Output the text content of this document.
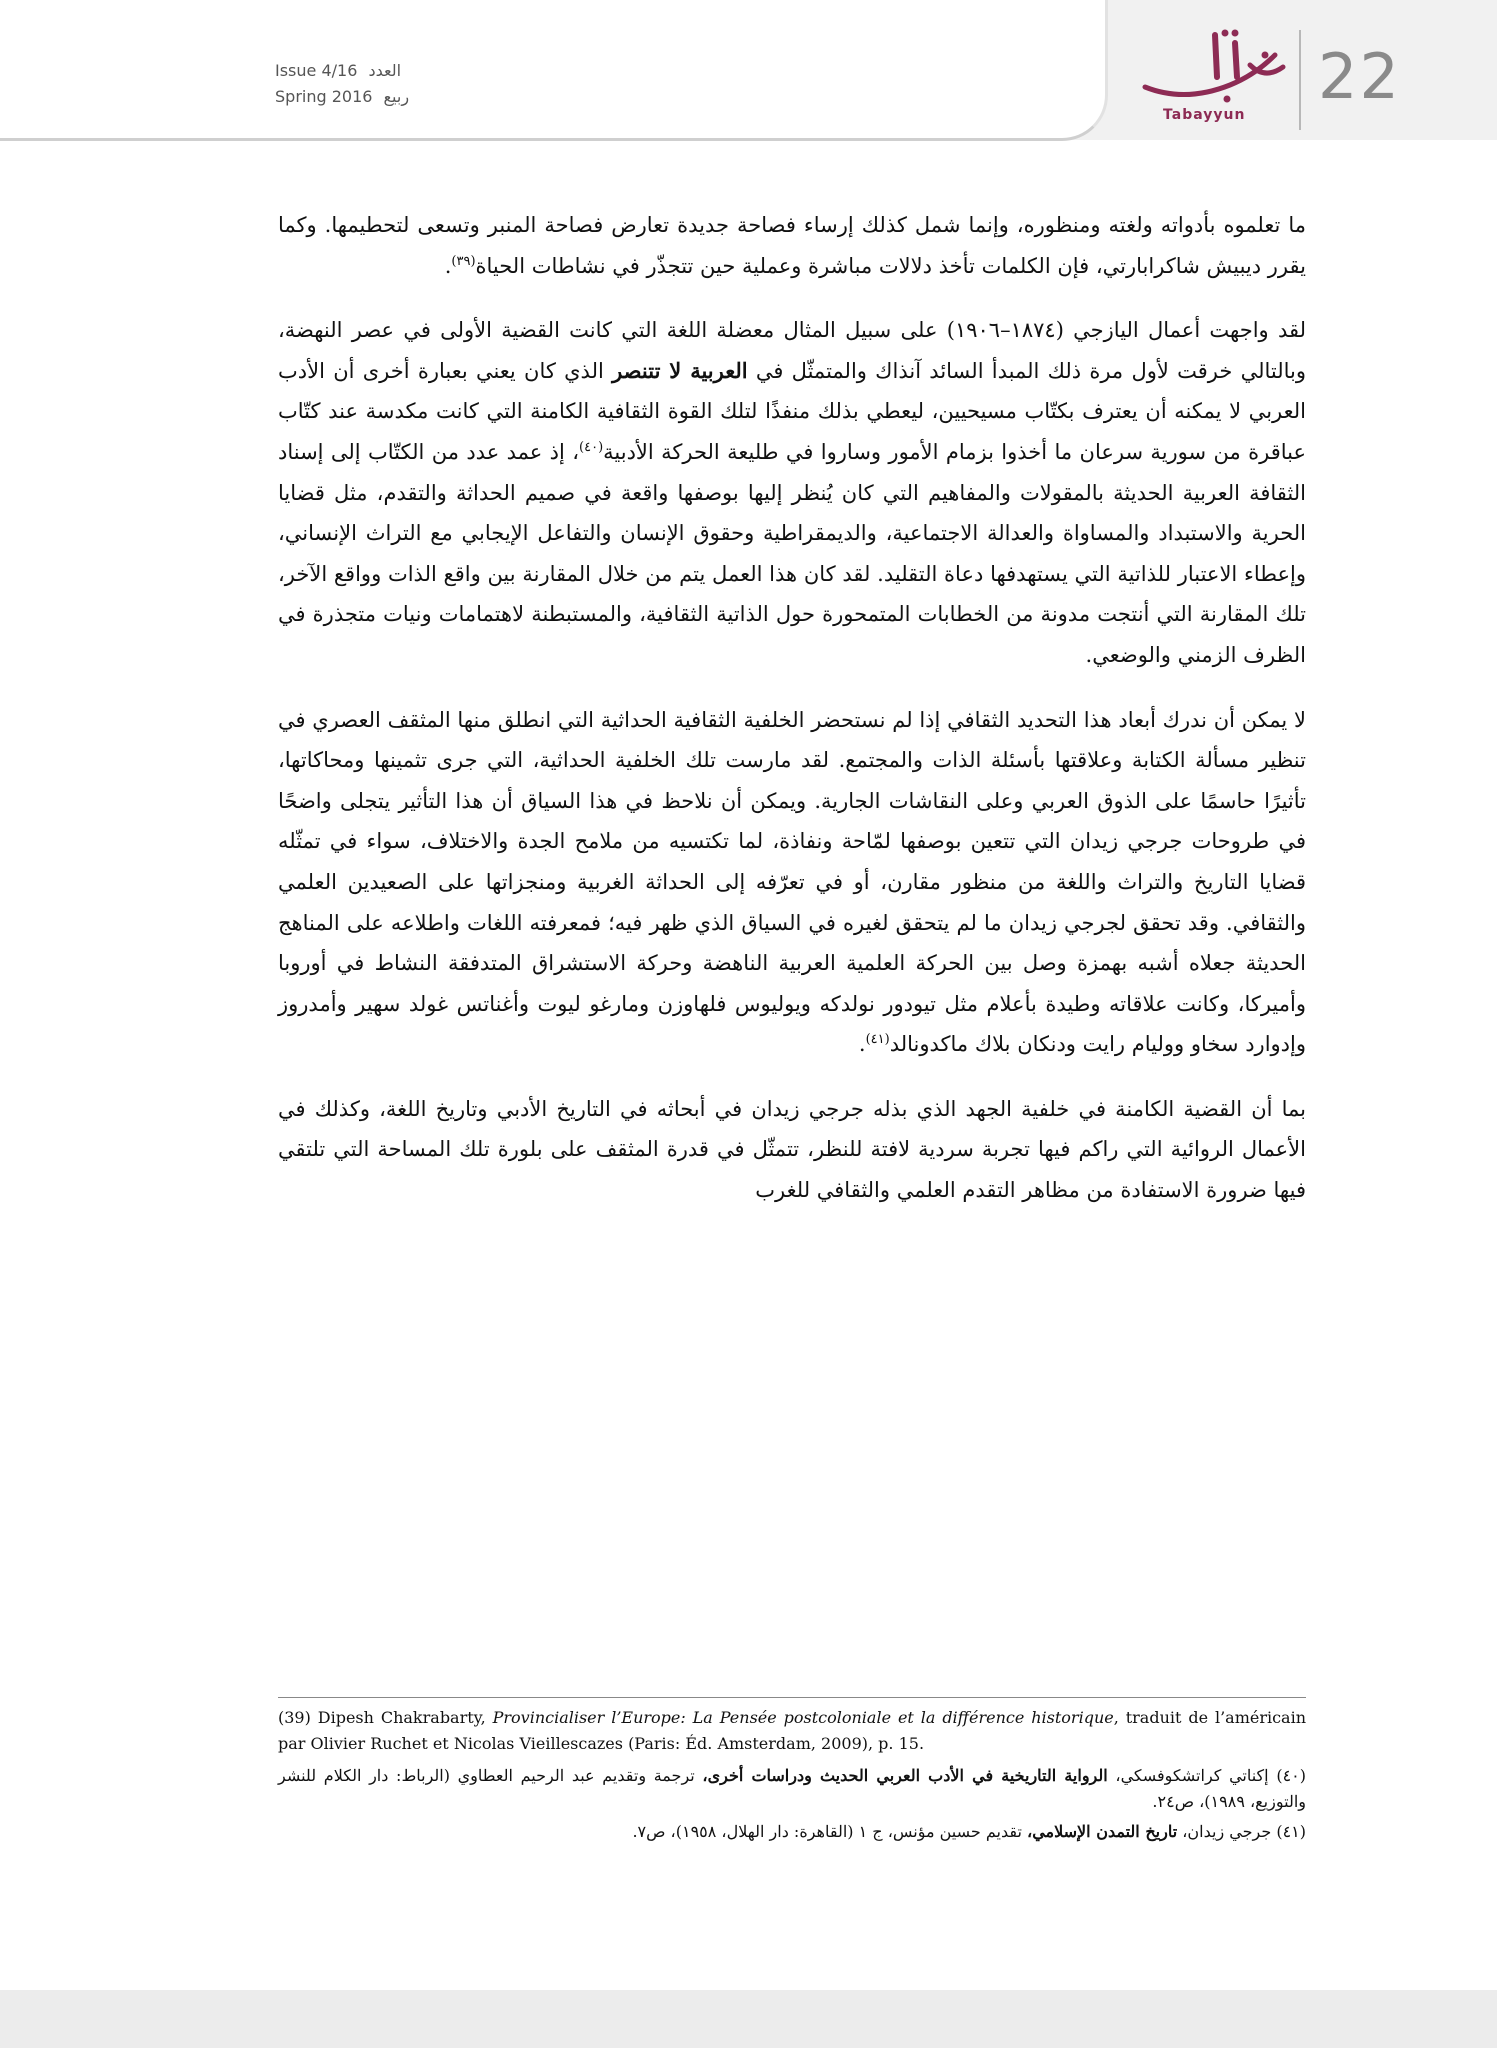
Issue 4/16 العدد
Spring 2016 ربيع
Tabayyun
22

ما تعلموه بأدواته ولغته ومنظوره، وإنما شمل كذلك إرساء فصاحة جديدة تعارض فصاحة المنبر وتسعى لتحطيمها. وكما يقرر ديبيش شاكرابارتي، فإن الكلمات تأخذ دلالات مباشرة وعملية حين تتجذّر في نشاطات الحياة$^{(٣٩)}$.

لقد واجهت أعمال اليازجي (١٨٧٤–١٩٠٦) على سبيل المثال معضلة اللغة التي كانت القضية الأولى في عصر النهضة، وبالتالي خرقت لأول مرة ذلك المبدأ السائد آنذاك والمتمثّل في العربية لا تتنصر الذي كان يعني بعبارة أخرى أن الأدب العربي لا يمكنه أن يعترف بكتّاب مسيحيين، ليعطي بذلك منفذًا لتلك القوة الثقافية الكامنة التي كانت مكدسة عند كتّاب عباقرة من سورية سرعان ما أخذوا بزمام الأمور وساروا في طليعة الحركة الأدبية$^{(٤٠)}$، إذ عمد عدد من الكتّاب إلى إسناد الثقافة العربية الحديثة بالمقولات والمفاهيم التي كان يُنظر إليها بوصفها واقعة في صميم الحداثة والتقدم، مثل قضايا الحرية والاستبداد والمساواة والعدالة الاجتماعية، والديمقراطية وحقوق الإنسان والتفاعل الإيجابي مع التراث الإنساني، وإعطاء الاعتبار للذاتية التي يستهدفها دعاة التقليد. لقد كان هذا العمل يتم من خلال المقارنة بين واقع الذات وواقع الآخر، تلك المقارنة التي أنتجت مدونة من الخطابات المتمحورة حول الذاتية الثقافية، والمستبطنة لاهتمامات ونيات متجذرة في الظرف الزمني والوضعي.

لا يمكن أن ندرك أبعاد هذا التحديد الثقافي إذا لم نستحضر الخلفية الثقافية الحداثية التي انطلق منها المثقف العصري في تنظير مسألة الكتابة وعلاقتها بأسئلة الذات والمجتمع. لقد مارست تلك الخلفية الحداثية، التي جرى تثمينها ومحاكاتها، تأثيرًا حاسمًا على الذوق العربي وعلى النقاشات الجارية. ويمكن أن نلاحظ في هذا السياق أن هذا التأثير يتجلى واضحًا في طروحات جرجي زيدان التي تتعين بوصفها لمّاحة ونفاذة، لما تكتسيه من ملامح الجدة والاختلاف، سواء في تمثّله قضايا التاريخ والتراث واللغة من منظور مقارن، أو في تعرّفه إلى الحداثة الغربية ومنجزاتها على الصعيدين العلمي والثقافي. وقد تحقق لجرجي زيدان ما لم يتحقق لغيره في السياق الذي ظهر فيه؛ فمعرفته اللغات واطلاعه على المناهج الحديثة جعلاه أشبه بهمزة وصل بين الحركة العلمية العربية الناهضة وحركة الاستشراق المتدفقة النشاط في أوروبا وأميركا، وكانت علاقاته وطيدة بأعلام مثل تيودور نولدكه ويوليوس فلهاوزن ومارغو ليوت وأغناتس غولد سهير وأمدروز وإدوارد سخاو ووليام رايت ودنكان بلاك ماكدونالد$^{(٤١)}$.

بما أن القضية الكامنة في خلفية الجهد الذي بذله جرجي زيدان في أبحاثه في التاريخ الأدبي وتاريخ اللغة، وكذلك في الأعمال الروائية التي راكم فيها تجربة سردية لافتة للنظر، تتمثّل في قدرة المثقف على بلورة تلك المساحة التي تلتقي فيها ضرورة الاستفادة من مظاهر التقدم العلمي والثقافي للغرب

(39) Dipesh Chakrabarty, Provincialiser l’Europe: La Pensée postcoloniale et la différence historique, traduit de l’américain par Olivier Ruchet et Nicolas Vieillescazes (Paris: Éd. Amsterdam, 2009), p. 15.
(٤٠) إكناتي كراتشكوفسكي، الرواية التاريخية في الأدب العربي الحديث ودراسات أخرى، ترجمة وتقديم عبد الرحيم العطاوي (الرباط: دار الكلام للنشر والتوزيع، ١٩٨٩)، ص٢٤.
(٤١) جرجي زيدان، تاريخ التمدن الإسلامي، تقديم حسين مؤنس، ج ١ (القاهرة: دار الهلال، ١٩٥٨)، ص٧.
